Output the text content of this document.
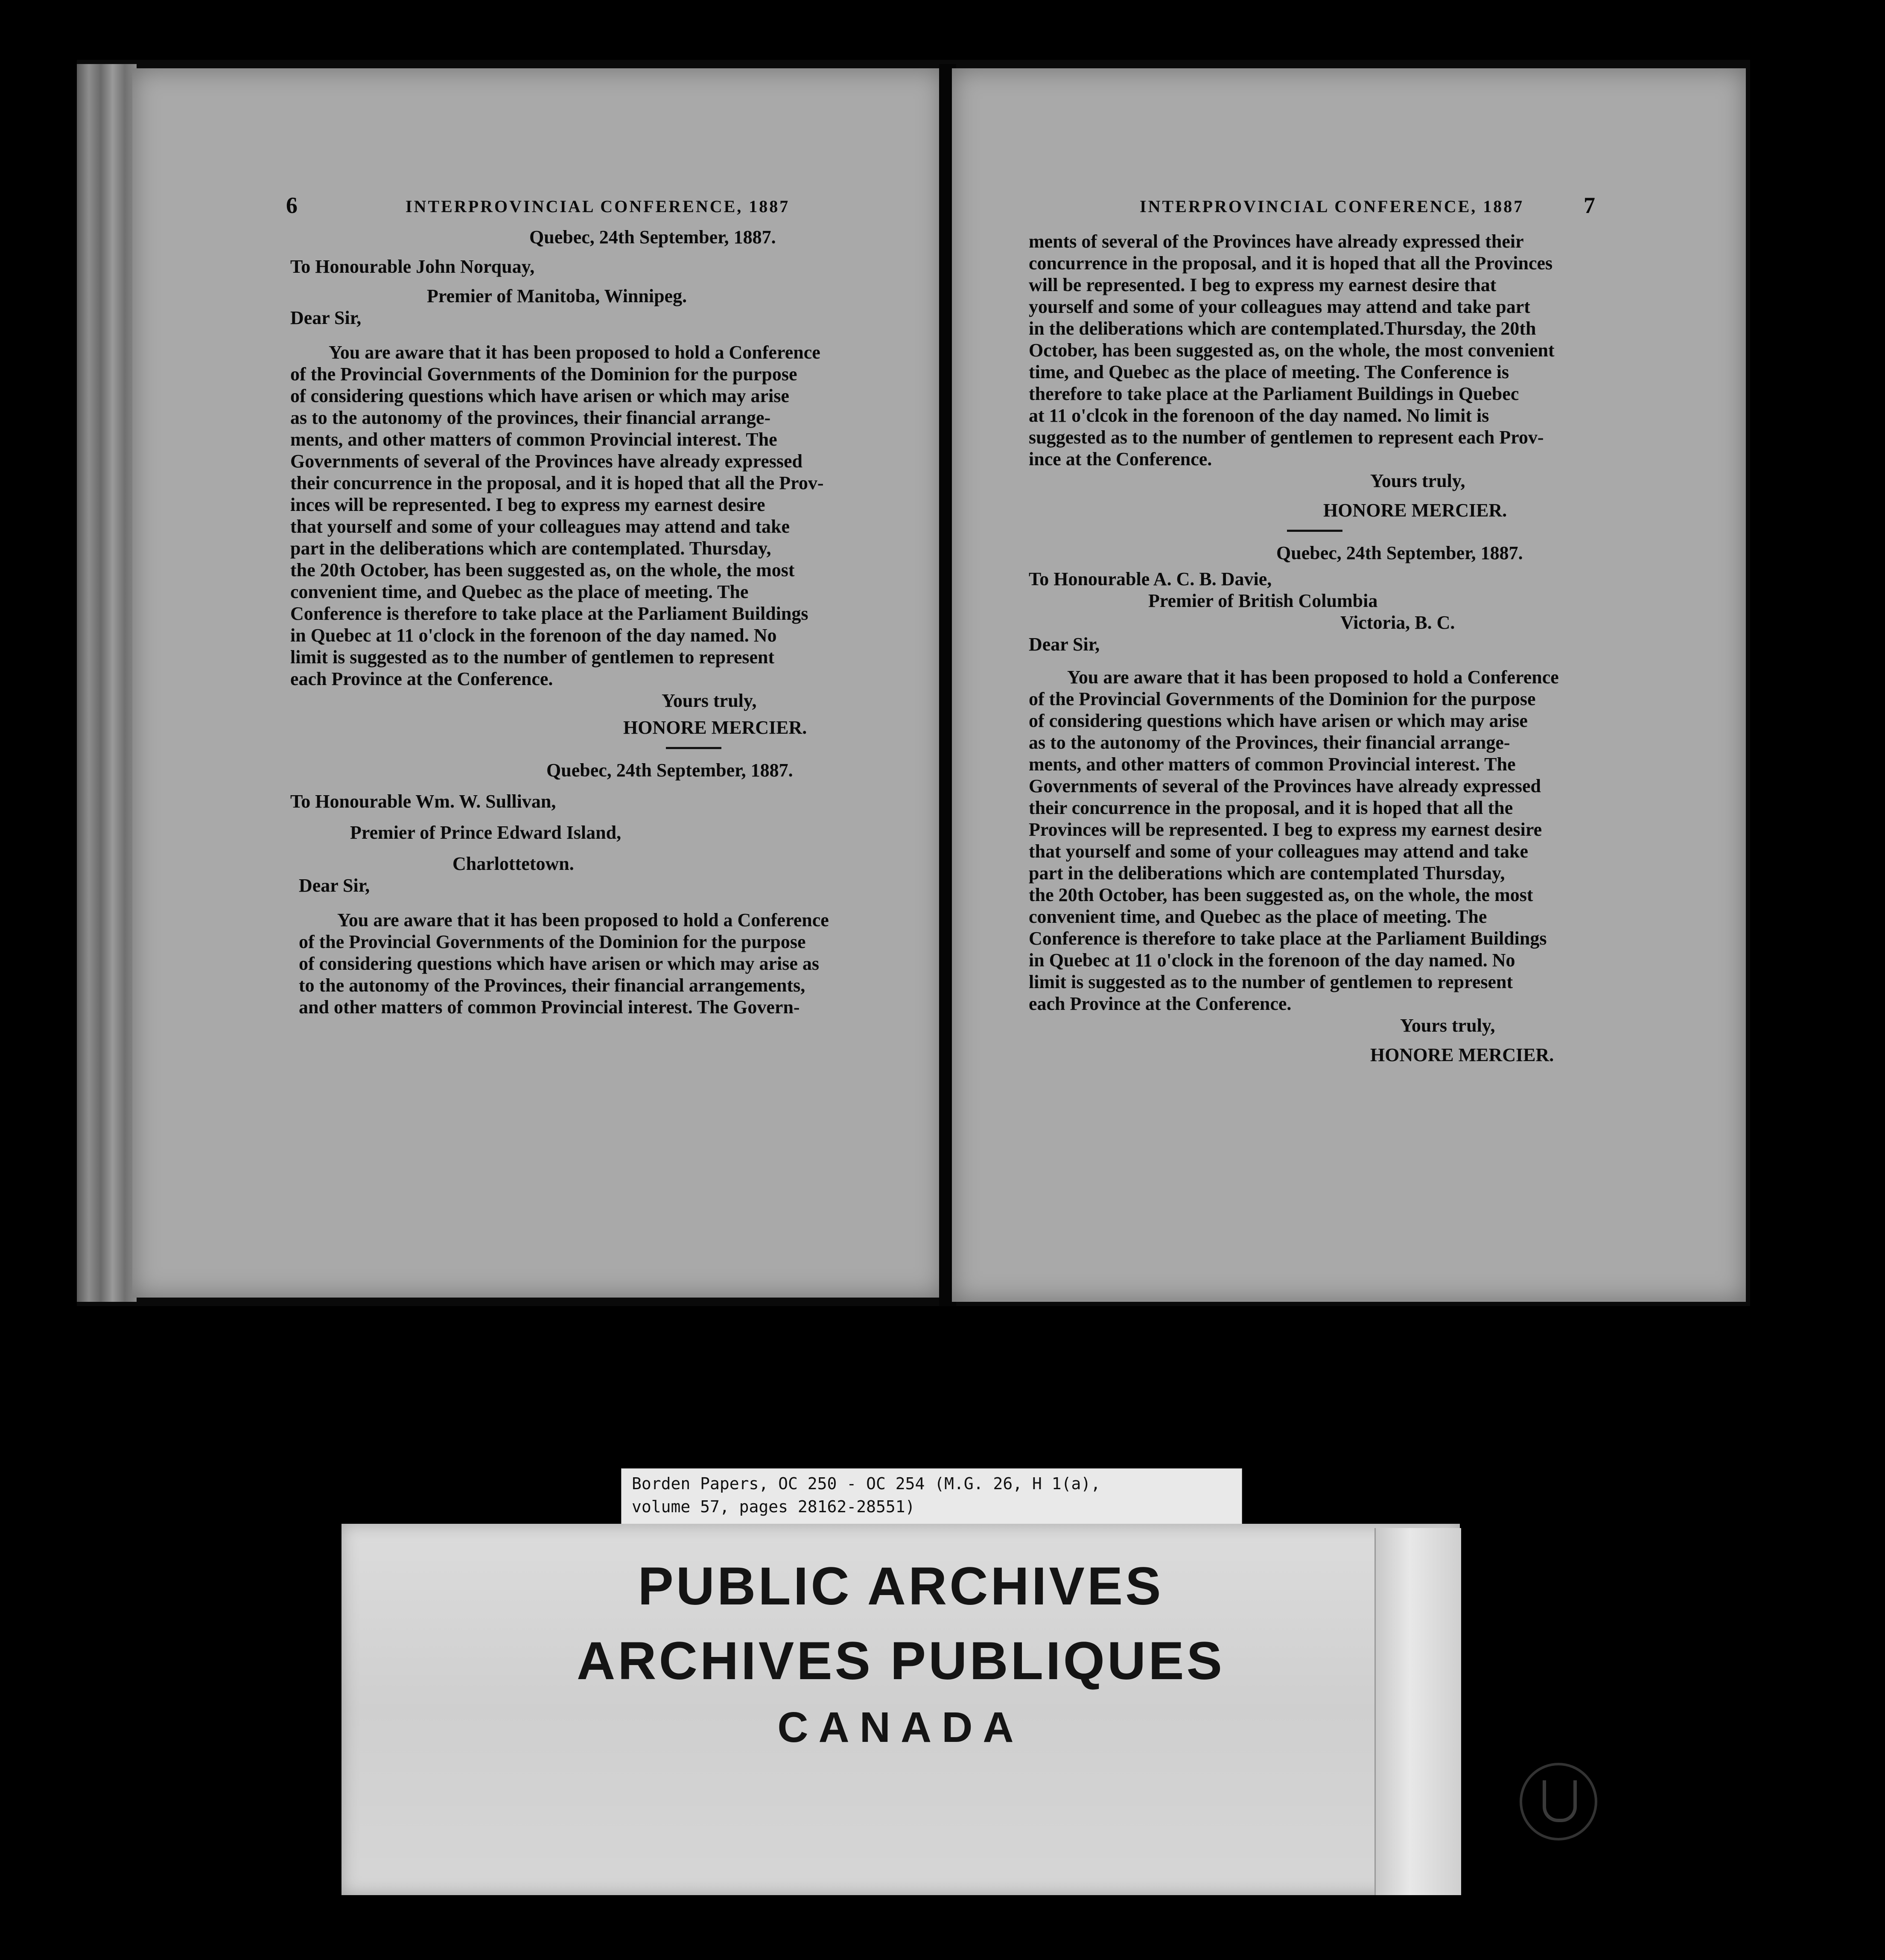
6	INTERPROVINCIAL CONFERENCE, 1887
Quebec, 24th September, 1887.
To Honourable John Norquay,
Premier of Manitoba, Winnipeg.
Dear Sir,

You are aware that it has been proposed to hold a Conference
of the Provincial Governments of the Dominion for the purpose
of considering questions which have arisen or which may arise
as to the autonomy of the provinces, their financial arrange-
ments, and other matters of common Provincial interest. The
Governments of several of the Provinces have already expressed
their concurrence in the proposal, and it is hoped that all the Prov-
inces will be represented. I beg to express my earnest desire
that yourself and some of your colleagues may attend and take
part in the deliberations which are contemplated. Thursday,
the 20th October, has been suggested as, on the whole, the most
convenient time, and Quebec as the place of meeting. The
Conference is therefore to take place at the Parliament Buildings
in Quebec at 11 o'clock in the forenoon of the day named. No
limit is suggested as to the number of gentlemen to represent
each Province at the Conference.

Yours truly,
HONORE MERCIER.
Quebec, 24th September, 1887.
To Honourable Wm. W. Sullivan,
Premier of Prince Edward Island,
Charlottetown.
Dear Sir,

You are aware that it has been proposed to hold a Conference
of the Provincial Governments of the Dominion for the purpose
of considering questions which have arisen or which may arise as
to the autonomy of the Provinces, their financial arrangements,
and other matters of common Provincial interest. The Govern-

INTERPROVINCIAL CONFERENCE, 1887	7

ments of several of the Provinces have already expressed their
concurrence in the proposal, and it is hoped that all the Provinces
will be represented. I beg to express my earnest desire that
yourself and some of your colleagues may attend and take part
in the deliberations which are contemplated.Thursday, the 20th
October, has been suggested as, on the whole, the most convenient
time, and Quebec as the place of meeting. The Conference is
therefore to take place at the Parliament Buildings in Quebec
at 11 o'clcok in the forenoon of the day named. No limit is
suggested as to the number of gentlemen to represent each Prov-
ince at the Conference.

Yours truly,
HONORE MERCIER.
Quebec, 24th September, 1887.
To Honourable A. C. B. Davie,
Premier of British Columbia
Victoria, B. C.
Dear Sir,

You are aware that it has been proposed to hold a Conference
of the Provincial Governments of the Dominion for the purpose
of considering questions which have arisen or which may arise
as to the autonomy of the Provinces, their financial arrange-
ments, and other matters of common Provincial interest. The
Governments of several of the Provinces have already expressed
their concurrence in the proposal, and it is hoped that all the
Provinces will be represented. I beg to express my earnest desire
that yourself and some of your colleagues may attend and take
part in the deliberations which are contemplated Thursday,
the 20th October, has been suggested as, on the whole, the most
convenient time, and Quebec as the place of meeting. The
Conference is therefore to take place at the Parliament Buildings
in Quebec at 11 o'clock in the forenoon of the day named. No
limit is suggested as to the number of gentlemen to represent
each Province at the Conference.

Yours truly,
HONORE MERCIER.
Borden Papers, OC 250 - OC 254 (M.G. 26, H 1(a),
volume 57, pages 28162-28551)
PUBLIC ARCHIVES
ARCHIVES PUBLIQUES
CANADA
